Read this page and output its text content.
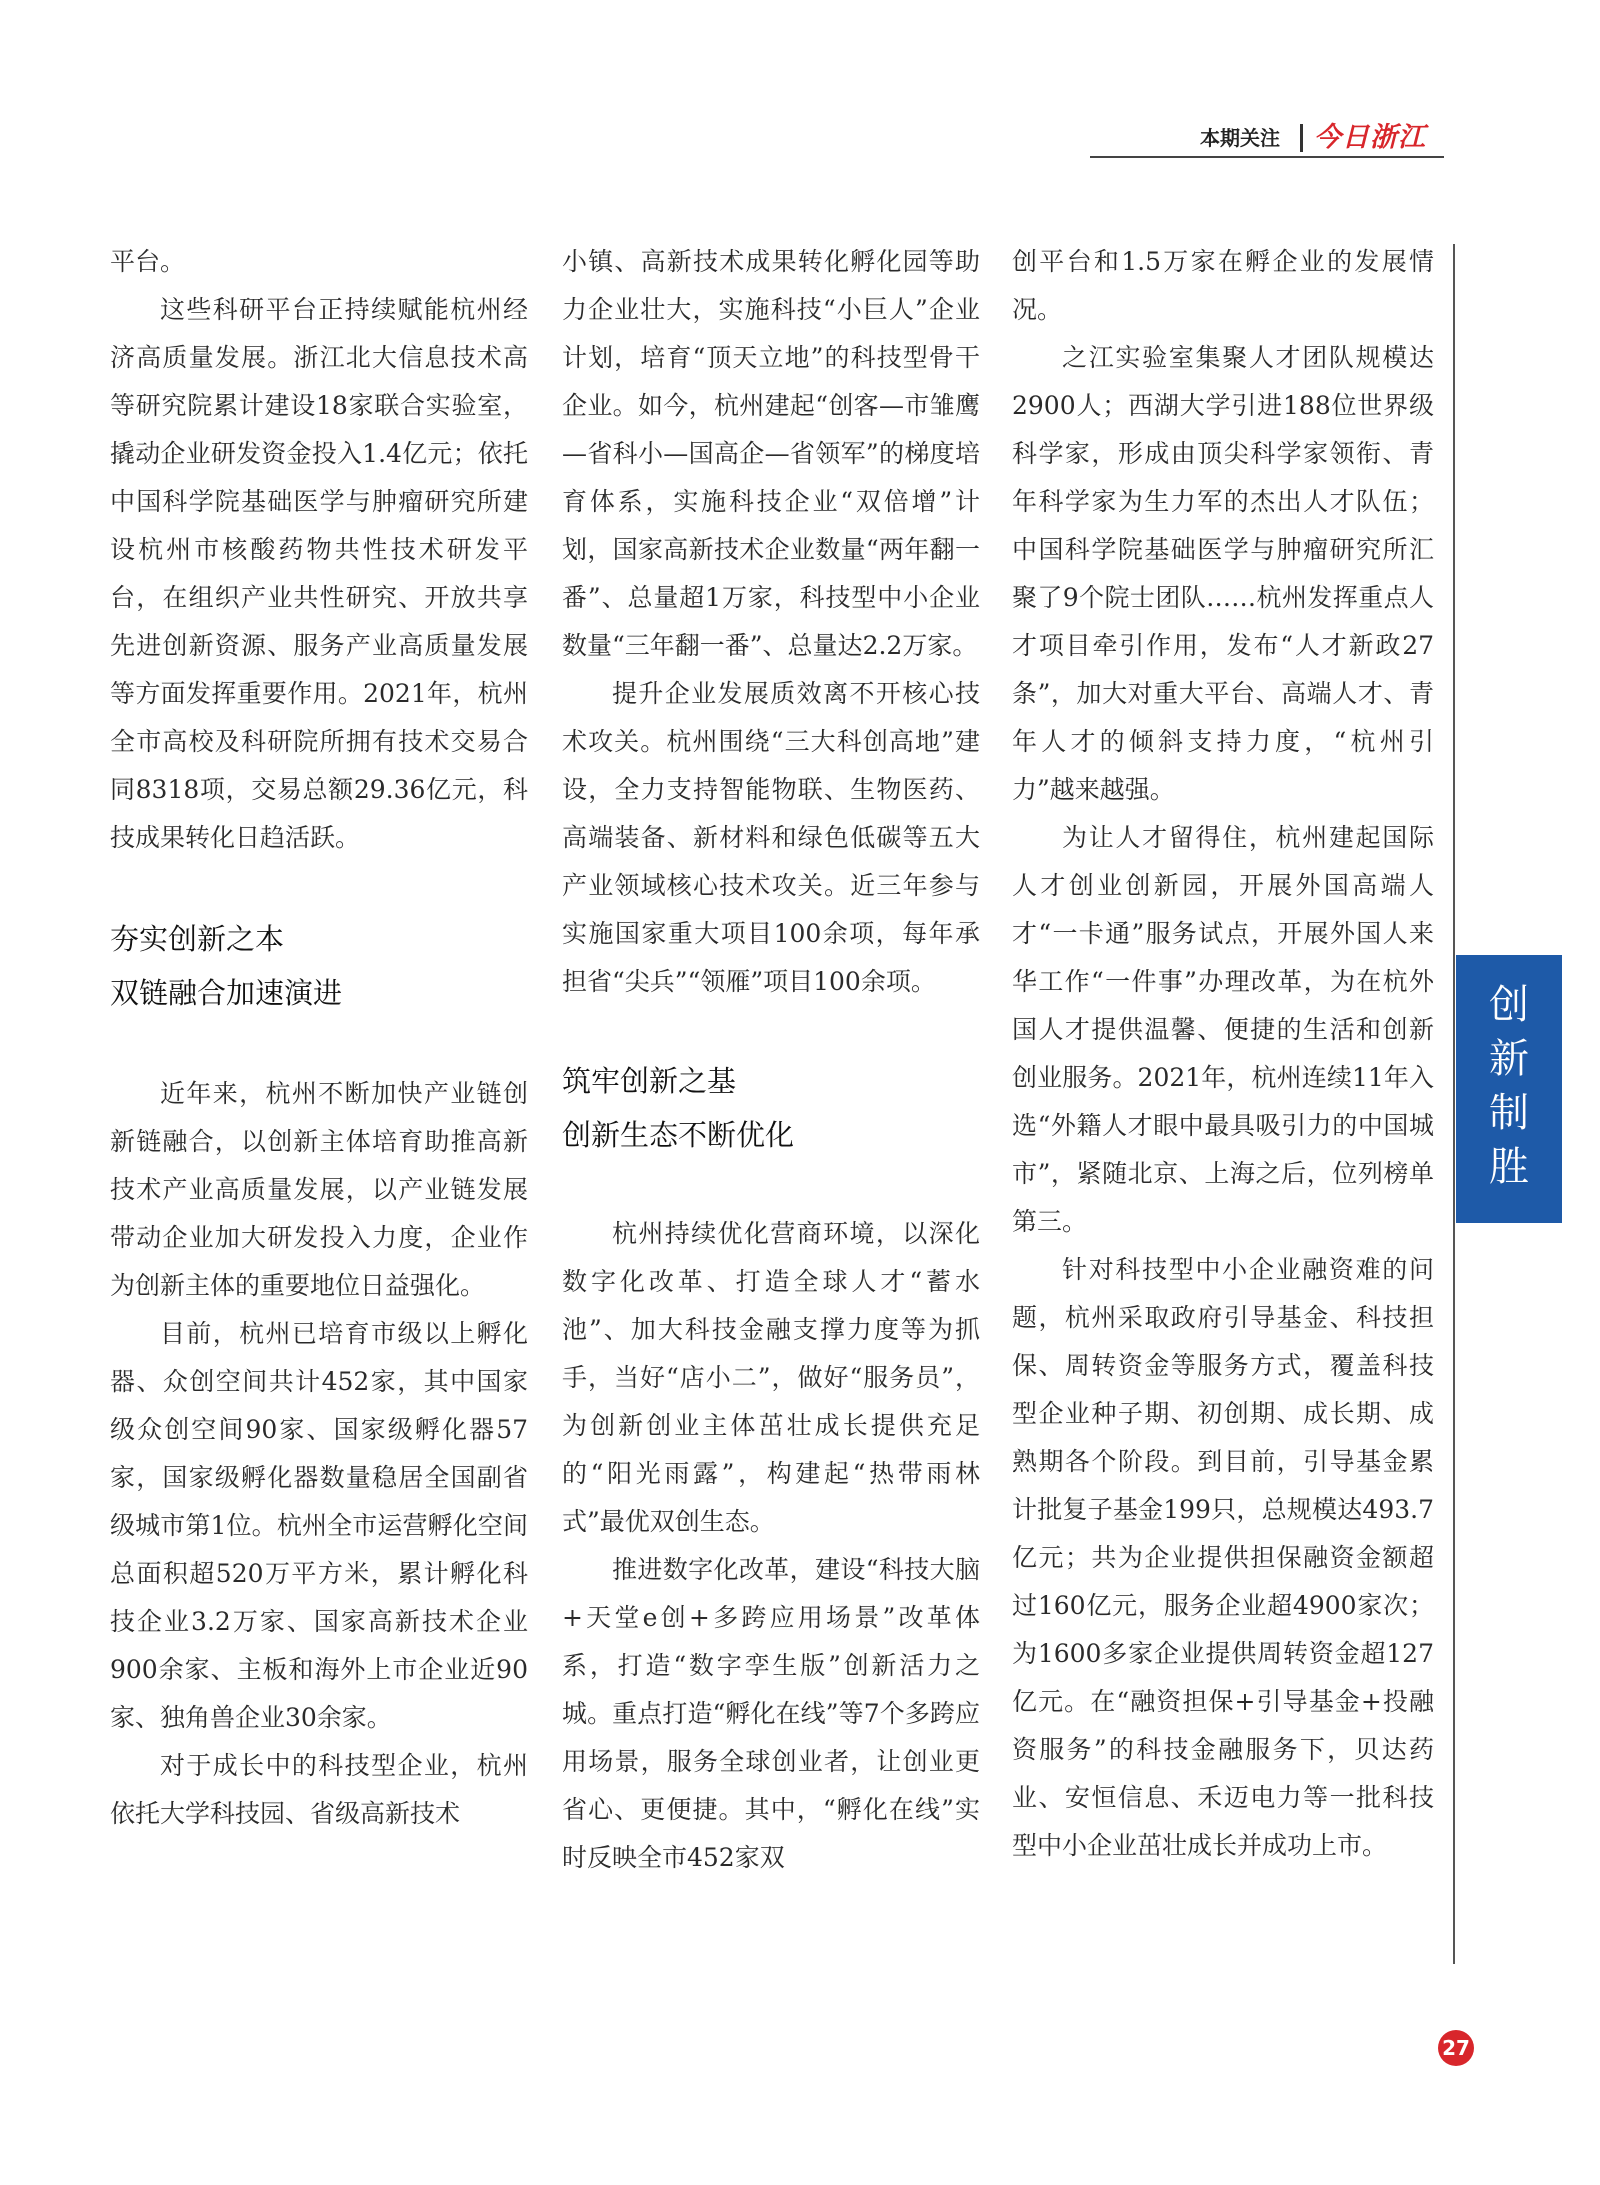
本期关注 今日浙江

平台。

这些科研平台正持续赋能杭州经济高质量发展。浙江北大信息技术高等研究院累计建设18家联合实验室，撬动企业研发资金投入1.4亿元；依托中国科学院基础医学与肿瘤研究所建设杭州市核酸药物共性技术研发平台，在组织产业共性研究、开放共享先进创新资源、服务产业高质量发展等方面发挥重要作用。2021年，杭州全市高校及科研院所拥有技术交易合同8318项，交易总额29.36亿元，科技成果转化日趋活跃。

夯实创新之本
双链融合加速演进

近年来，杭州不断加快产业链创新链融合，以创新主体培育助推高新技术产业高质量发展，以产业链发展带动企业加大研发投入力度，企业作为创新主体的重要地位日益强化。

目前，杭州已培育市级以上孵化器、众创空间共计452家，其中国家级众创空间90家、国家级孵化器57家，国家级孵化器数量稳居全国副省级城市第1位。杭州全市运营孵化空间总面积超520万平方米，累计孵化科技企业3.2万家、国家高新技术企业900余家、主板和海外上市企业近90家、独角兽企业30余家。

对于成长中的科技型企业，杭州依托大学科技园、省级高新技术

小镇、高新技术成果转化孵化园等助力企业壮大，实施科技“小巨人”企业计划，培育“顶天立地”的科技型骨干企业。如今，杭州建起“创客—市雏鹰—省科小—国高企—省领军”的梯度培育体系，实施科技企业“双倍增”计划，国家高新技术企业数量“两年翻一番”、总量超1万家，科技型中小企业数量“三年翻一番”、总量达2.2万家。

提升企业发展质效离不开核心技术攻关。杭州围绕“三大科创高地”建设，全力支持智能物联、生物医药、高端装备、新材料和绿色低碳等五大产业领域核心技术攻关。近三年参与实施国家重大项目100余项，每年承担省“尖兵”“领雁”项目100余项。

筑牢创新之基
创新生态不断优化

杭州持续优化营商环境，以深化数字化改革、打造全球人才“蓄水池”、加大科技金融支撑力度等为抓手，当好“店小二”，做好“服务员”，为创新创业主体茁壮成长提供充足的“阳光雨露”，构建起“热带雨林式”最优双创生态。

推进数字化改革，建设“科技大脑+天堂e创+多跨应用场景”改革体系，打造“数字孪生版”创新活力之城。重点打造“孵化在线”等7个多跨应用场景，服务全球创业者，让创业更省心、更便捷。其中，“孵化在线”实时反映全市452家双

创平台和1.5万家在孵企业的发展情况。

之江实验室集聚人才团队规模达2900人；西湖大学引进188位世界级科学家，形成由顶尖科学家领衔、青年科学家为生力军的杰出人才队伍；中国科学院基础医学与肿瘤研究所汇聚了9个院士团队……杭州发挥重点人才项目牵引作用，发布“人才新政27条”，加大对重大平台、高端人才、青年人才的倾斜支持力度，“杭州引力”越来越强。

为让人才留得住，杭州建起国际人才创业创新园，开展外国高端人才“一卡通”服务试点，开展外国人来华工作“一件事”办理改革，为在杭外国人才提供温馨、便捷的生活和创新创业服务。2021年，杭州连续11年入选“外籍人才眼中最具吸引力的中国城市”，紧随北京、上海之后，位列榜单第三。

针对科技型中小企业融资难的问题，杭州采取政府引导基金、科技担保、周转资金等服务方式，覆盖科技型企业种子期、初创期、成长期、成熟期各个阶段。到目前，引导基金累计批复子基金199只，总规模达493.7亿元；共为企业提供担保融资金额超过160亿元，服务企业超4900家次；为1600多家企业提供周转资金超127亿元。在“融资担保+引导基金+投融资服务”的科技金融服务下，贝达药业、安恒信息、禾迈电力等一批科技型中小企业茁壮成长并成功上市。

创
新
制
胜
27
